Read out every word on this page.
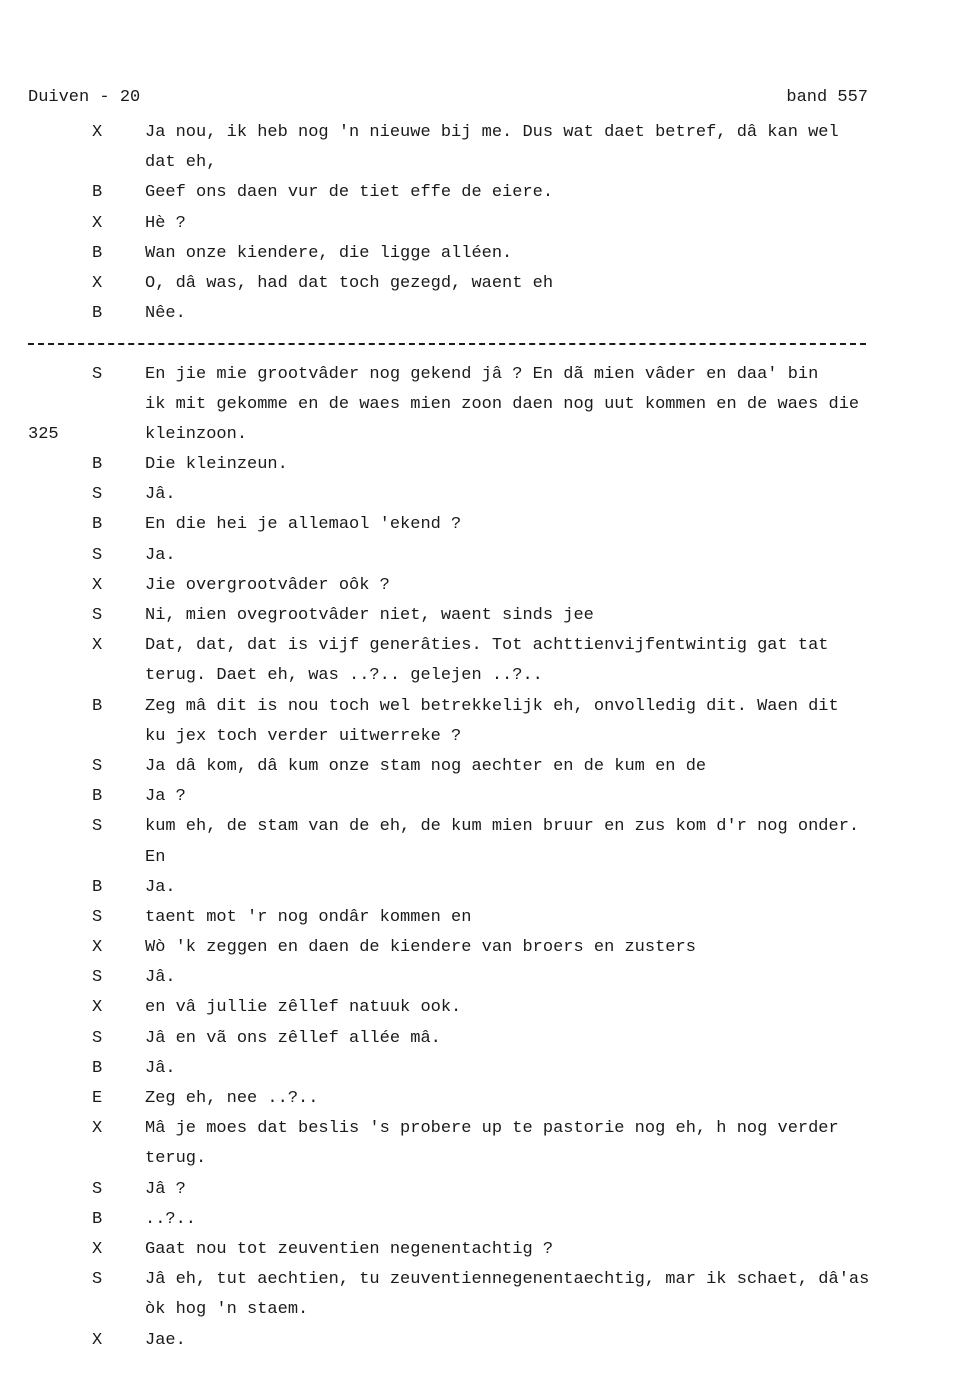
Duiven - 20	band 557
X	Ja nou, ik heb nog 'n nieuwe bij me. Dus wat daet betref, dâ kan wel
dat eh,
B	Geef ons daen vur de tiet effe de eiere.
X	Hè ?
B	Wan onze kiendere, die ligge alléen.
X	O, dâ was, had dat toch gezegd, waent eh
B	Nêe.
S	En jie mie grootvâder nog gekend jâ ? En dã mien vâder en daa' bin
ik mit gekomme en de waes mien zoon daen nog uut kommen en de waes die
325	kleinzoon.
B	Die kleinzeun.
S	Jâ.
B	En die hei je allemaol 'ekend ?
S	Ja.
X	Jie overgrootvâder oôk ?
S	Ni, mien ovegrootvâder niet, waent sinds jee
X	Dat, dat, dat is vijf generâties. Tot achttienvijfentwintig gat tat
terug. Daet eh, was ..?.. gelejen ..?..
B	Zeg mâ dit is nou toch wel betrekkelijk eh, onvolledig dit. Waen dit
ku jex toch verder uitwerreke ?
S	Ja dâ kom, dâ kum onze stam nog aechter en de kum en de
B	Ja ?
S	kum eh, de stam van de eh, de kum mien bruur en zus kom d'r nog onder.
En
B	Ja.
S	taent mot 'r nog ondâr kommen en
X	Wò 'k zeggen en daen de kiendere van broers en zusters
S	Jâ.
X	en vâ jullie zêllef natuuk ook.
S	Jâ en vã ons zêllef allée mâ.
B	Jâ.
E	Zeg eh, nee ..?..
X	Mâ je moes dat beslis 's probere up te pastorie nog eh, h nog verder
terug.
S	Jâ ?
B	..?..
X	Gaat nou tot zeuventien negenentachtig ?
S	Jâ eh, tut aechtien, tu zeuventiennegenentaechtig, mar ik schaet, dâ'as
òk hog 'n staem.
X	Jae.
